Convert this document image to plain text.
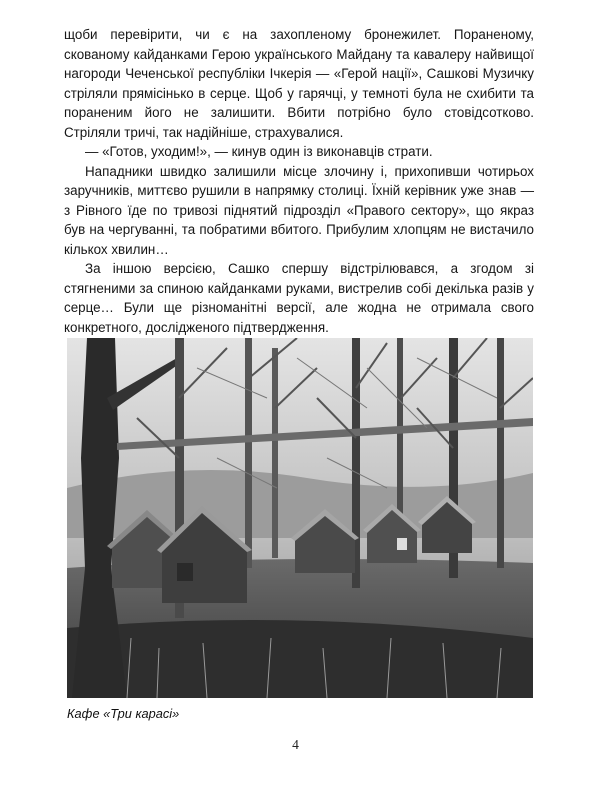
щоби перевірити, чи є на захопленому бронежилет. Пораненому, скованому кайданками Герою українського Майдану та кавалеру найвищої нагороди Чеченської республіки Ічкерія — «Герой нації», Сашкові Музичку стріляли прямісінько в серце. Щоб у гарячці, у темноті була не схибити та пораненим його не залишити. Вбити потрібно було стовідсотково. Стріляли тричі, так надійніше, страхувалися.

— «Готов, уходим!», — кинув один із виконавців страти.

Нападники швидко залишили місце злочину і, прихопивши чотирьох заручників, миттєво рушили в напрямку столиці. Їхній керівник уже знав — з Рівного їде по тривозі піднятий підрозділ «Правого сектору», що якраз був на чергуванні, та побратими вбитого. Прибулим хлопцям не вистачило кількох хвилин…

За іншою версією, Сашко спершу відстрілювався, а згодом зі стягненими за спиною кайданками руками, вистрелив собі декілька разів у серце… Були ще різноманітні версії, але жодна не отримала свого конкретного, дослідженого підтвердження.

Кафе «Три карасі»
4
